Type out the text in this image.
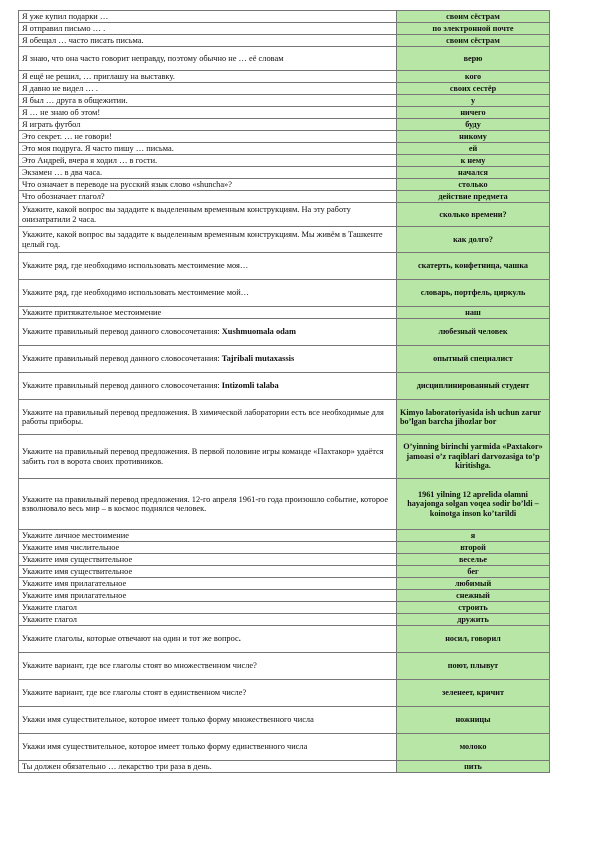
Я уже купил подарки …	своим сёстрам
Я отправил письмо … .	по электронной почте
Я обещал … часто писать письма.	своим сёстрам
Я знаю, что она часто говорит неправду, поэтому обычно не … её словам	верю
Я ещё не решил, … приглашу на выставку.	кого
Я давно не видел … .	своих сестёр
Я был … друга в общежитии.	у
Я … не знаю об этом!	ничего
Я играть футбол	буду
Это секрет. … не говори!	никому
Это моя подруга. Я часто пишу … письма.	ей
Это Андрей, вчера я ходил … в гости.	к нему
Экзамен … в два часа.	начался
Что означает в переводе на русский язык слово «shuncha»?	столько
Что обозначает глагол?	действие предмета
Укажите, какой вопрос вы зададите к выделенным временным конструкциям. На эту работу онизатратили 2 часа.	сколько времени?
Укажите, какой вопрос вы зададите к выделенным временным конструкциям. Мы живём в Ташкенте целый год.	как долго?
Укажите ряд, где необходимо использовать местоимение моя…	скатерть, конфетница, чашка
Укажите ряд, где необходимо использовать местоимение мой…	словарь, портфель, циркуль
Укажите притяжательное местоимение	наш
Укажите правильный перевод данного словосочетания: Xushmuomala odam	любезный человек
Укажите правильный перевод данного словосочетания: Tajribali mutaxassis	опытный специалист
Укажите правильный перевод данного словосочетания: Intizomli talaba	дисциплинированный студент
Укажите на правильный перевод предложения. В химической лаборатории есть все необходимые для работы приборы.	Kimyo laboratoriyasida ish uchun zarur bo’lgan barcha jihozlar bor
Укажите на правильный перевод предложения. В первой половине игры команде «Пахтакор» удаётся забить гол в ворота своих противников.	O’yinning birinchi yarmida «Paxtakor» jamoasi o’z raqiblari darvozasiga to’p kiritishga.
Укажите на правильный перевод предложения. 12-го апреля 1961-го года произошло событие, которое взволновало весь мир – в космос поднялся человек.	1961 yilning 12 aprelida olamni hayajonga solgan voqea sodir bo’ldi – koinotga inson ko’tarildi
Укажите личное местоимение	я
Укажите имя числительное	второй
Укажите имя существительное	веселье
Укажите имя существительное	бег
Укажите имя прилагательное	любимый
Укажите имя прилагательное	снежный
Укажите глагол	строить
Укажите глагол	дружить
Укажите глаголы, которые отвечают на один и тот же вопрос.	носил, говорил
Укажите вариант, где все глаголы стоят во множественном числе?	поют, плывут
Укажите вариант, где все глаголы стоят в единственном числе?	зеленеет, кричит
Укажи имя существительное, которое имеет только форму множественного числа	ножницы
Укажи имя существительное, которое имеет только форму единственного числа	молоко
Ты должен обязательно … лекарство три раза в день.	пить
